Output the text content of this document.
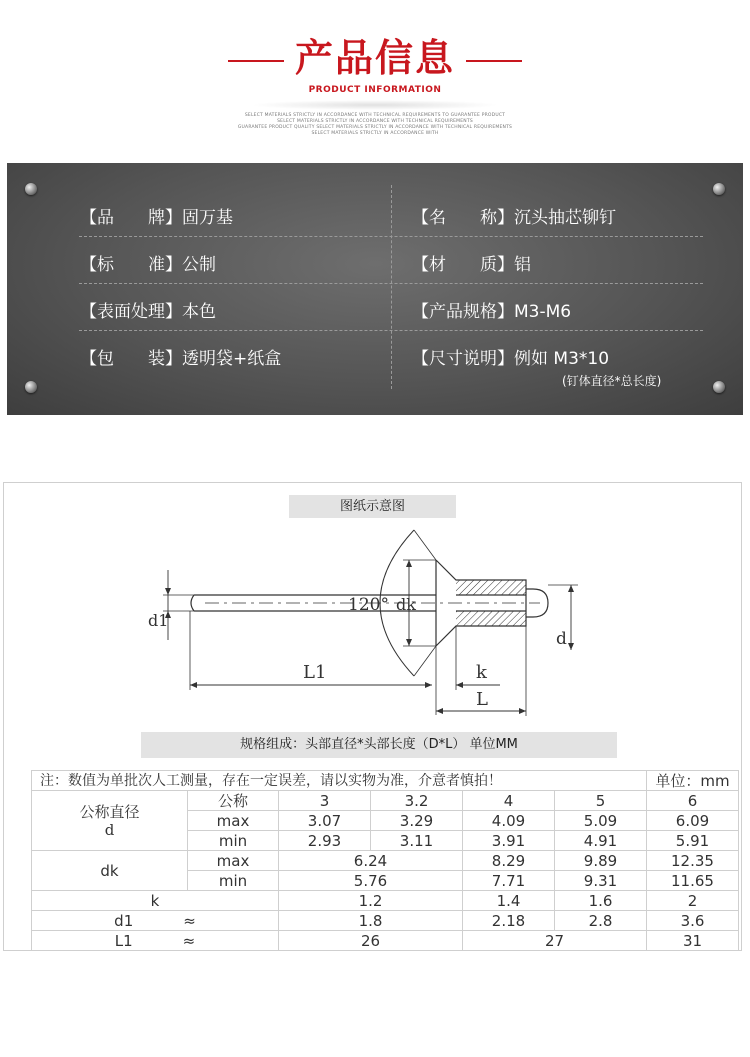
产品信息
PRODUCT INFORMATION
SELECT MATERIALS STRICTLY IN ACCORDANCE WITH TECHNICAL REQUIREMENTS TO GUARANTEE PRODUCT
SELECT MATERIALS STRICTLY IN ACCORDANCE WITH TECHNICAL REQUIREMENTS
GUARANTEE PRODUCT QUALITY SELECT MATERIALS STRICTLY IN ACCORDANCE WITH TECHNICAL REQUIREMENTS
SELECT MATERIALS STRICTLY IN ACCORDANCE WITH
【品　　牌】固万基	【名　　称】沉头抽芯铆钉
【标　　准】公制	【材　　质】铝
【表面处理】本色	【产品规格】M3-M6
【包　　装】透明袋+纸盒	【尺寸说明】例如 M3*10
(钉体直径*总长度)
图纸示意图
120° dk
d1
d
L1	k
L
规格组成：头部直径*头部长度（D*L） 单位MM
注：数值为单批次人工测量，存在一定误差，请以实物为准，介意者慎拍！						单位：mm
公称直径
d	公称	3	3.2	4	5	6
	max	3.07	3.29	4.09	5.09	6.09
	min	2.93	3.11	3.91	4.91	5.91
dk	max	6.24		8.29	9.89	12.35
	min	5.76		7.71	9.31	11.65
k		1.2		1.4	1.6	2
d1 ≈		1.8		2.18	2.8	3.6
L1 ≈		26		27		31
